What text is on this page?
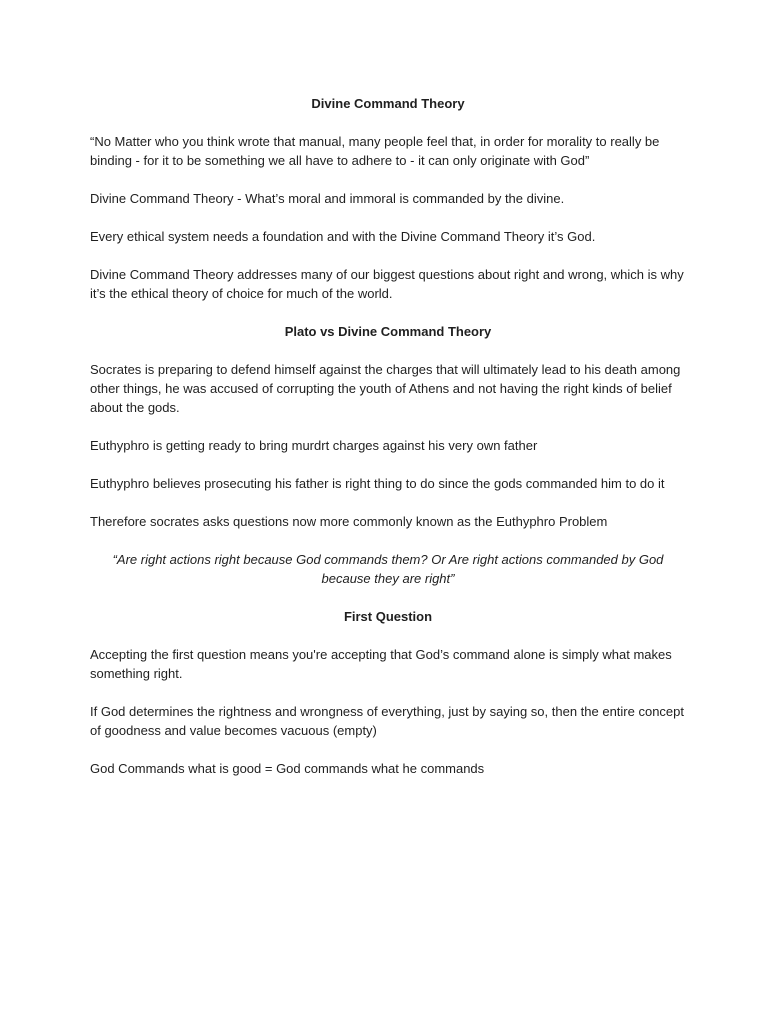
Divine Command Theory
“No Matter who you think wrote that manual, many people feel that, in order for morality to really be binding - for it to be something we all have to adhere to - it can only originate with God”
Divine Command Theory - What’s moral and immoral is commanded by the divine.
Every ethical system needs a foundation and with the Divine Command Theory it’s God.
Divine Command Theory addresses many of our biggest questions about right and wrong, which is why it’s the ethical theory of choice for much of the world.
Plato vs Divine Command Theory
Socrates is preparing to defend himself against the charges that will ultimately lead to his death among other things, he was accused of corrupting the youth of Athens and not having the right kinds of belief about the gods.
Euthyphro is getting ready to bring murdrt charges against his very own father
Euthyphro believes prosecuting his father is right thing to do since the gods commanded him to do it
Therefore socrates asks questions now more commonly known as the Euthyphro Problem
“Are right actions right because God commands them? Or Are right actions commanded by God because they are right”
First Question
Accepting the first question means you're accepting that God’s command alone is simply what makes something right.
If God determines the rightness and wrongness of everything, just by saying so, then the entire concept of goodness and value becomes vacuous (empty)
God Commands what is good = God commands what he commands
